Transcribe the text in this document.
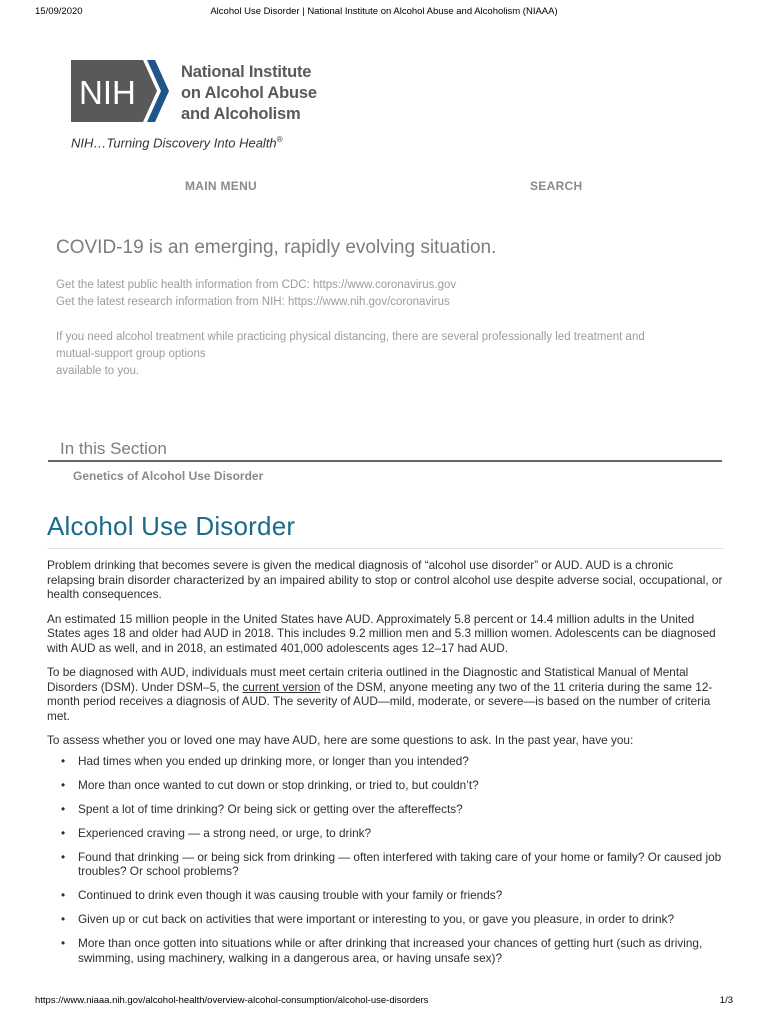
15/09/2020	Alcohol Use Disorder | National Institute on Alcohol Abuse and Alcoholism (NIAAA)
NIH
National Institute
on Alcohol Abuse
and Alcoholism
NIH…Turning Discovery Into Health®
MAIN MENU	SEARCH
COVID-19 is an emerging, rapidly evolving situation.

Get the latest public health information from CDC: https://www.coronavirus.gov

Get the latest research information from NIH: https://www.nih.gov/coronavirus

If you need alcohol treatment while practicing physical distancing, there are several professionally led treatment and

mutual-support group options

available to you.

In this Section
Genetics of Alcohol Use Disorder
Alcohol Use Disorder

Problem drinking that becomes severe is given the medical diagnosis of “alcohol use disorder” or AUD. AUD is a chronic relapsing brain disorder characterized by an impaired ability to stop or control alcohol use despite adverse social, occupational, or health consequences.

An estimated 15 million people in the United States have AUD. Approximately 5.8 percent or 14.4 million adults in the United States ages 18 and older had AUD in 2018. This includes 9.2 million men and 5.3 million women. Adolescents can be diagnosed with AUD as well, and in 2018, an estimated 401,000 adolescents ages 12–17 had AUD.

To be diagnosed with AUD, individuals must meet certain criteria outlined in the Diagnostic and Statistical Manual of Mental Disorders (DSM). Under DSM–5, the current version of the DSM, anyone meeting any two of the 11 criteria during the same 12-month period receives a diagnosis of AUD. The severity of AUD—mild, moderate, or severe—is based on the number of criteria met.

To assess whether you or loved one may have AUD, here are some questions to ask. In the past year, have you:

• Had times when you ended up drinking more, or longer than you intended?
• More than once wanted to cut down or stop drinking, or tried to, but couldn’t?
• Spent a lot of time drinking? Or being sick or getting over the aftereffects?
• Experienced craving — a strong need, or urge, to drink?
• Found that drinking — or being sick from drinking — often interfered with taking care of your home or family? Or caused job troubles? Or school problems?
• Continued to drink even though it was causing trouble with your family or friends?
• Given up or cut back on activities that were important or interesting to you, or gave you pleasure, in order to drink?
• More than once gotten into situations while or after drinking that increased your chances of getting hurt (such as driving, swimming, using machinery, walking in a dangerous area, or having unsafe sex)?
https://www.niaaa.nih.gov/alcohol-health/overview-alcohol-consumption/alcohol-use-disorders	1/3
